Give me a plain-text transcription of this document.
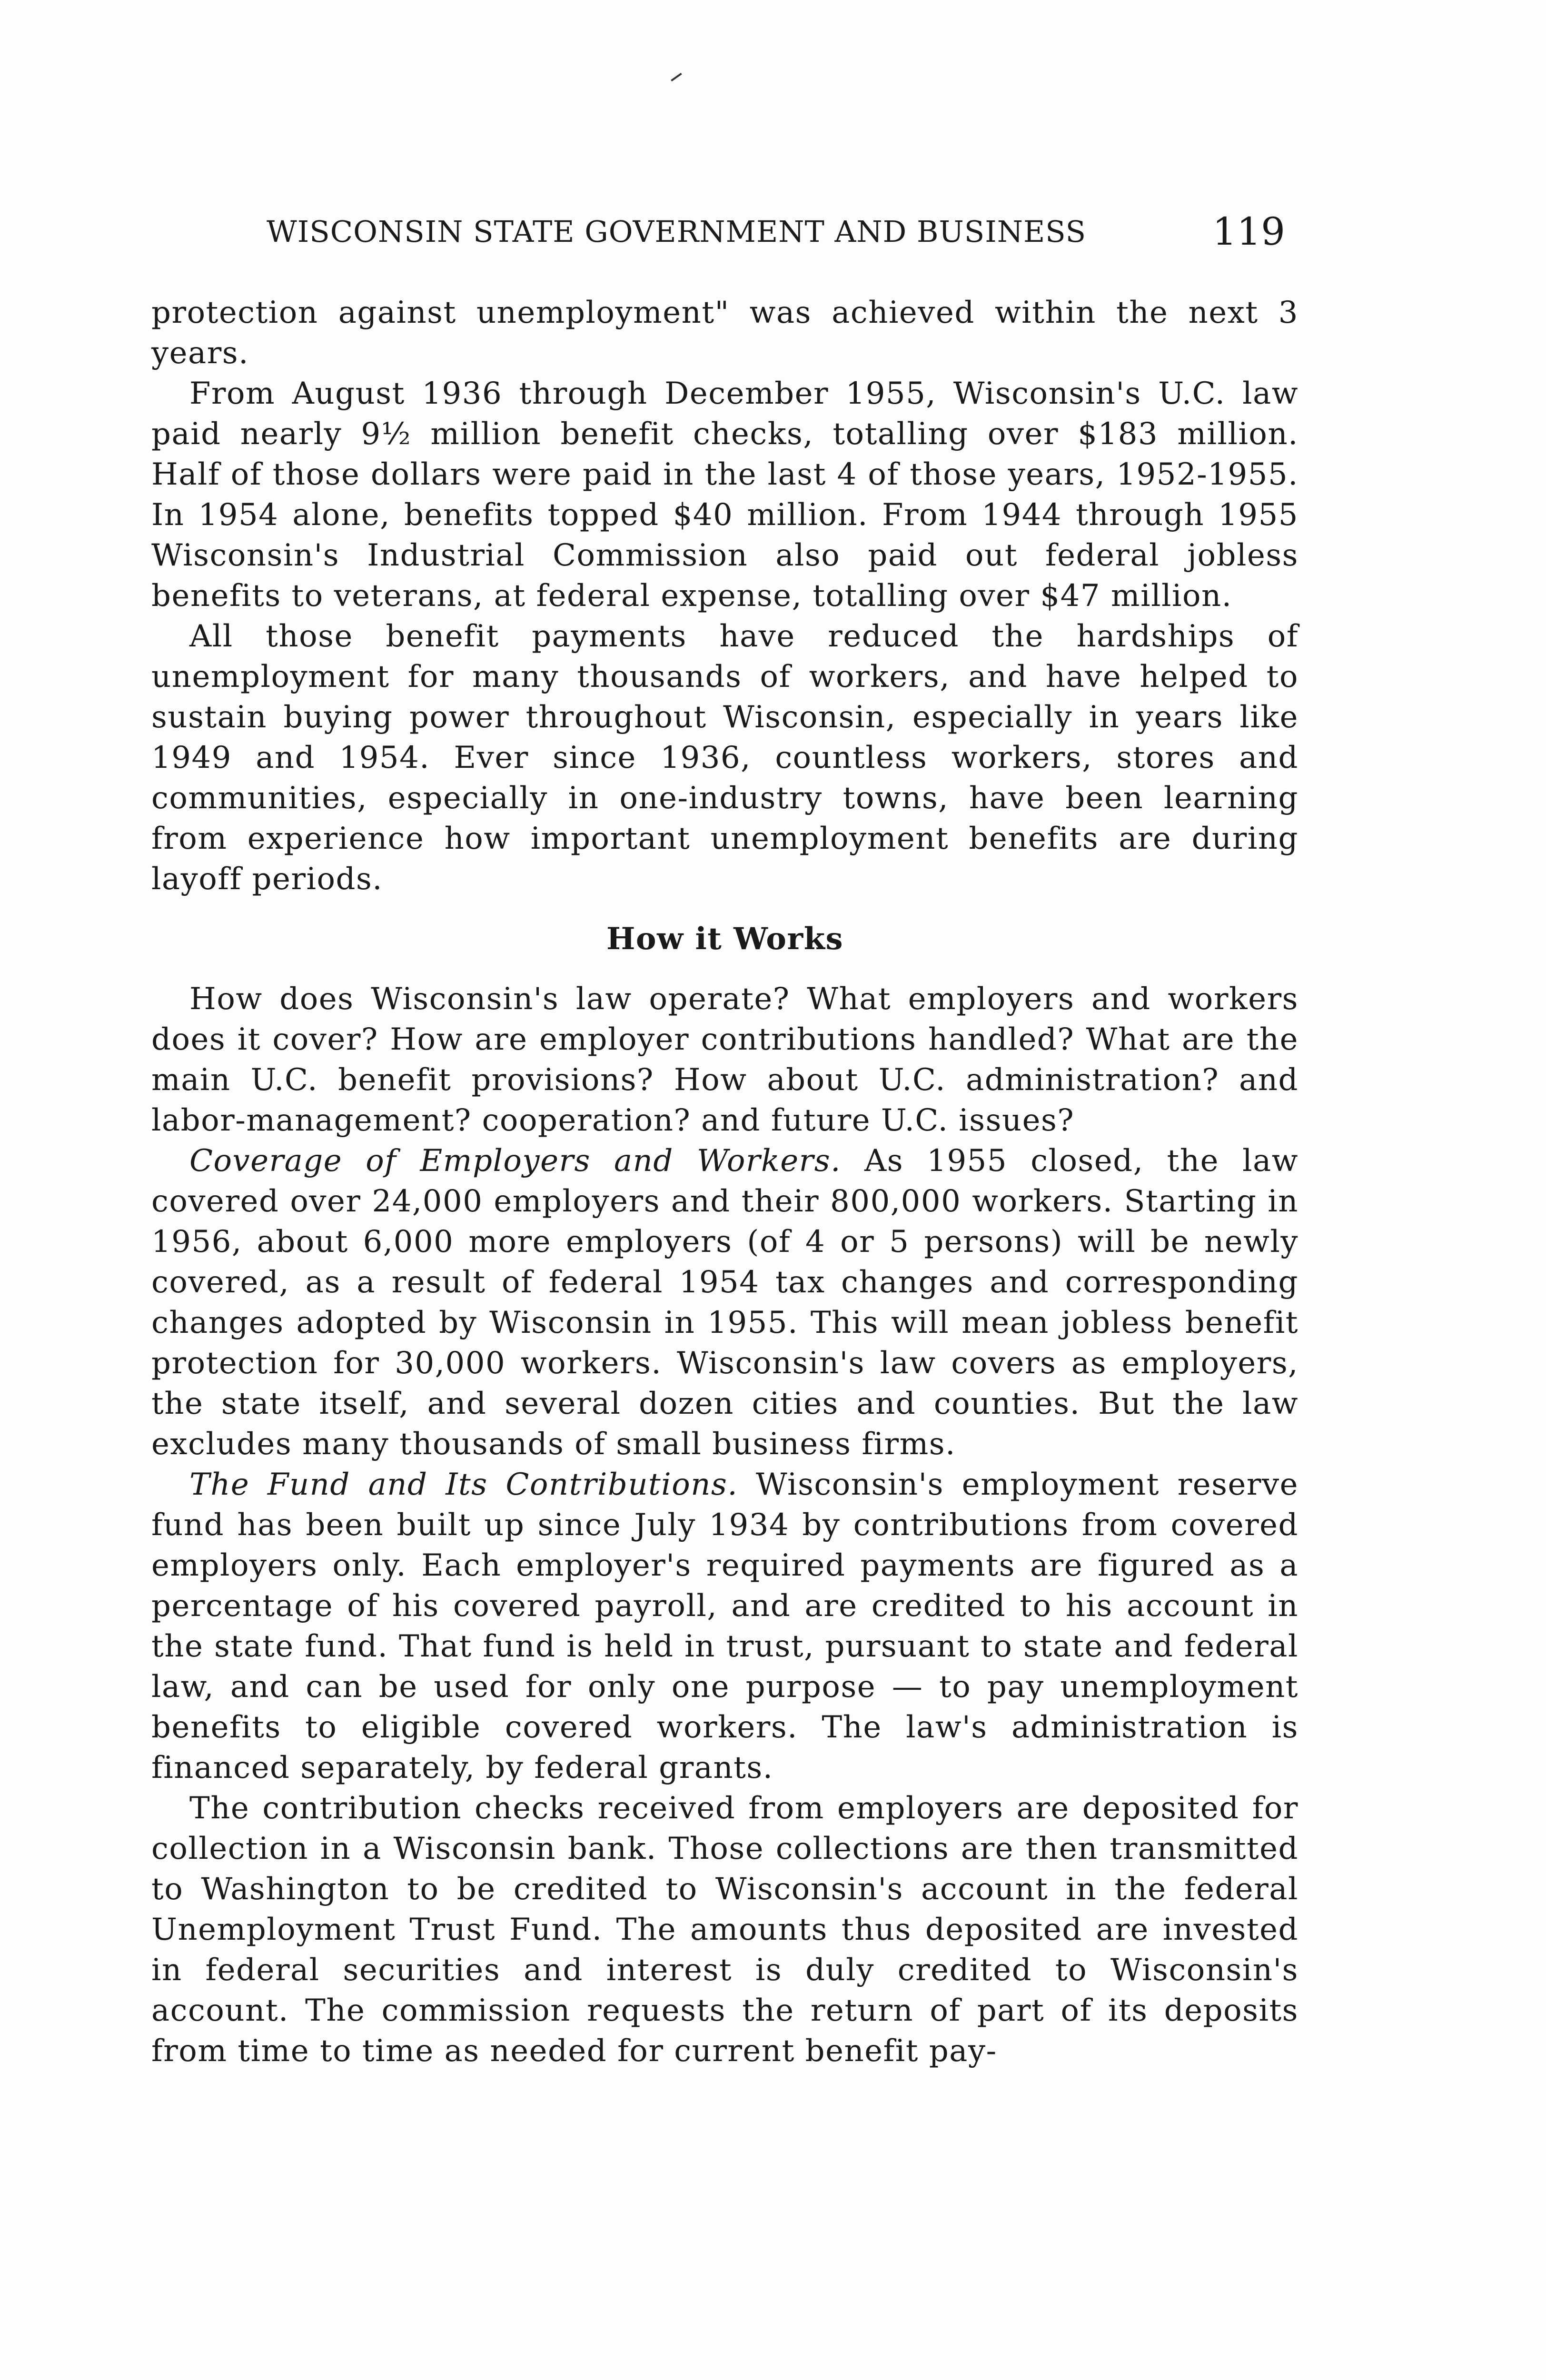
WISCONSIN STATE GOVERNMENT AND BUSINESS	119

protection against unemployment" was achieved within the next 3 years.

From August 1936 through December 1955, Wisconsin's U.C. law paid nearly 9½ million benefit checks, totalling over $183 million. Half of those dollars were paid in the last 4 of those years, 1952-1955. In 1954 alone, benefits topped $40 million. From 1944 through 1955 Wisconsin's Industrial Commission also paid out federal jobless benefits to veterans, at federal expense, totalling over $47 million.

All those benefit payments have reduced the hardships of unemployment for many thousands of workers, and have helped to sustain buying power throughout Wisconsin, especially in years like 1949 and 1954. Ever since 1936, countless workers, stores and communities, especially in one-industry towns, have been learning from experience how important unemployment benefits are during layoff periods.

How it Works

How does Wisconsin's law operate? What employers and workers does it cover? How are employer contributions handled? What are the main U.C. benefit provisions? How about U.C. administration? and labor-management? cooperation? and future U.C. issues?

Coverage of Employers and Workers. As 1955 closed, the law covered over 24,000 employers and their 800,000 workers. Starting in 1956, about 6,000 more employers (of 4 or 5 persons) will be newly covered, as a result of federal 1954 tax changes and corresponding changes adopted by Wisconsin in 1955. This will mean jobless benefit protection for 30,000 workers. Wisconsin's law covers as employers, the state itself, and several dozen cities and counties. But the law excludes many thousands of small business firms.

The Fund and Its Contributions. Wisconsin's employment reserve fund has been built up since July 1934 by contributions from covered employers only. Each employer's required payments are figured as a percentage of his covered payroll, and are credited to his account in the state fund. That fund is held in trust, pursuant to state and federal law, and can be used for only one purpose — to pay unemployment benefits to eligible covered workers. The law's administration is financed separately, by federal grants.

The contribution checks received from employers are deposited for collection in a Wisconsin bank. Those collections are then transmitted to Washington to be credited to Wisconsin's account in the federal Unemployment Trust Fund. The amounts thus deposited are invested in federal securities and interest is duly credited to Wisconsin's account. The commission requests the return of part of its deposits from time to time as needed for current benefit pay-
